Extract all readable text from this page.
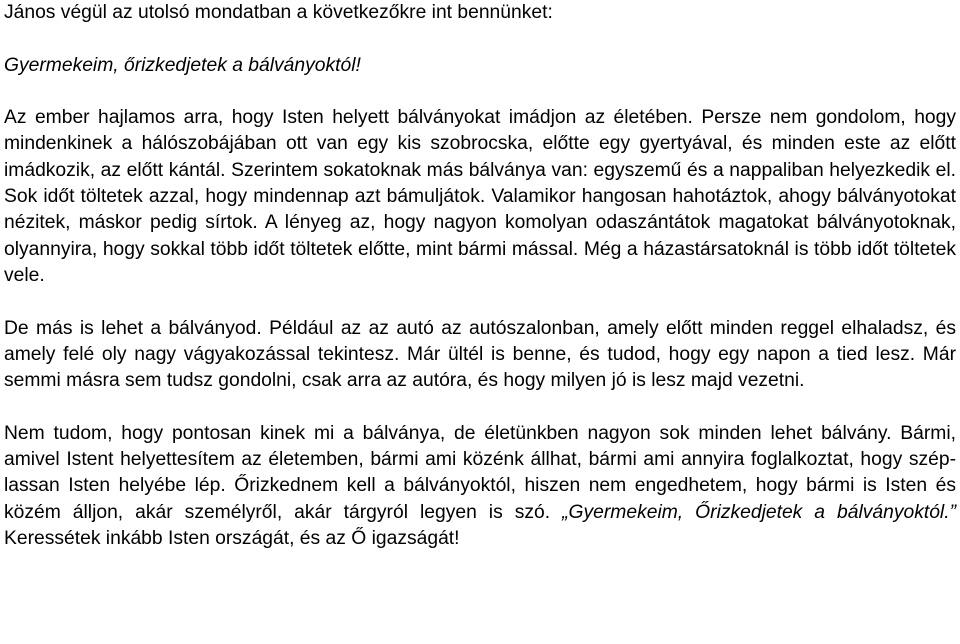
János végül az utolsó mondatban a következőkre int bennünket:

Gyermekeim, őrizkedjetek a bálványoktól!

Az ember hajlamos arra, hogy Isten helyett bálványokat imádjon az életében. Persze nem gondolom, hogy mindenkinek a hálószobájában ott van egy kis szobrocska, előtte egy gyertyával, és minden este az előtt imádkozik, az előtt kántál. Szerintem sokatoknak más bálványa van: egyszemű és a nappaliban helyezkedik el. Sok időt töltetek azzal, hogy mindennap azt bámuljátok. Valamikor hangosan hahotáztok, ahogy bálványotokat nézitek, máskor pedig sírtok. A lényeg az, hogy nagyon komolyan odaszántátok magatokat bálványotoknak, olyannyira, hogy sokkal több időt töltetek előtte, mint bármi mással. Még a házastársatoknál is több időt töltetek vele.

De más is lehet a bálványod. Például az az autó az autószalonban, amely előtt minden reggel elhaladsz, és amely felé oly nagy vágyakozással tekintesz. Már ültél is benne, és tudod, hogy egy napon a tied lesz. Már semmi másra sem tudsz gondolni, csak arra az autóra, és hogy milyen jó is lesz majd vezetni.

Nem tudom, hogy pontosan kinek mi a bálványa, de életünkben nagyon sok minden lehet bálvány. Bármi, amivel Istent helyettesítem az életemben, bármi ami közénk állhat, bármi ami annyira foglalkoztat, hogy szép-lassan Isten helyébe lép. Őrizkednem kell a bálványoktól, hiszen nem engedhetem, hogy bármi is Isten és közém álljon, akár személyről, akár tárgyról legyen is szó. „Gyermekeim, Őrizkedjetek a bálványoktól.” Keressétek inkább Isten országát, és az Ő igazságát!
